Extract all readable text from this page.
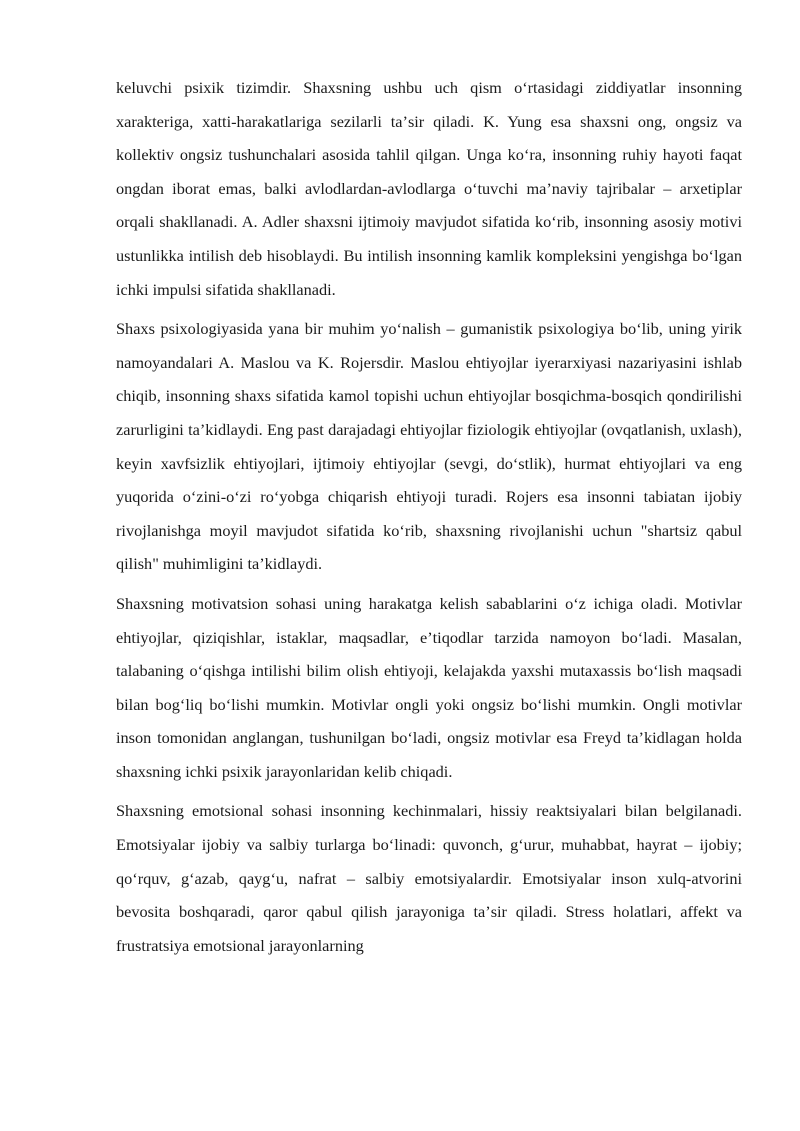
keluvchi psixik tizimdir. Shaxsning ushbu uch qism oʻrtasidagi ziddiyatlar insonning xarakteriga, xatti-harakatlariga sezilarli taʼsir qiladi. K. Yung esa shaxsni ong, ongsiz va kollektiv ongsiz tushunchalari asosida tahlil qilgan. Unga koʻra, insonning ruhiy hayoti faqat ongdan iborat emas, balki avlodlardan-avlodlarga oʻtuvchi maʼnaviy tajribalar – arxetiplar orqali shakllanadi. A. Adler shaxsni ijtimoiy mavjudot sifatida koʻrib, insonning asosiy motivi ustunlikka intilish deb hisoblaydi. Bu intilish insonning kamlik kompleksini yengishga boʻlgan ichki impulsi sifatida shakllanadi.

Shaxs psixologiyasida yana bir muhim yoʻnalish – gumanistik psixologiya boʻlib, uning yirik namoyandalari A. Maslou va K. Rojersdir. Maslou ehtiyojlar iyerarxiyasi nazariyasini ishlab chiqib, insonning shaxs sifatida kamol topishi uchun ehtiyojlar bosqichma-bosqich qondirilishi zarurligini taʼkidlaydi. Eng past darajadagi ehtiyojlar fiziologik ehtiyojlar (ovqatlanish, uxlash), keyin xavfsizlik ehtiyojlari, ijtimoiy ehtiyojlar (sevgi, doʻstlik), hurmat ehtiyojlari va eng yuqorida oʻzini-oʻzi roʻyobga chiqarish ehtiyoji turadi. Rojers esa insonni tabiatan ijobiy rivojlanishga moyil mavjudot sifatida koʻrib, shaxsning rivojlanishi uchun "shartsiz qabul qilish" muhimligini taʼkidlaydi.

Shaxsning motivatsion sohasi uning harakatga kelish sabablarini oʻz ichiga oladi. Motivlar ehtiyojlar, qiziqishlar, istaklar, maqsadlar, eʼtiqodlar tarzida namoyon boʻladi. Masalan, talabaning oʻqishga intilishi bilim olish ehtiyoji, kelajakda yaxshi mutaxassis boʻlish maqsadi bilan bogʻliq boʻlishi mumkin. Motivlar ongli yoki ongsiz boʻlishi mumkin. Ongli motivlar inson tomonidan anglangan, tushunilgan boʻladi, ongsiz motivlar esa Freyd taʼkidlagan holda shaxsning ichki psixik jarayonlaridan kelib chiqadi.

Shaxsning emotsional sohasi insonning kechinmalari, hissiy reaktsiyalari bilan belgilanadi. Emotsiyalar ijobiy va salbiy turlarga boʻlinadi: quvonch, gʻurur, muhabbat, hayrat – ijobiy; qoʻrquv, gʻazab, qaygʻu, nafrat – salbiy emotsiyalardir. Emotsiyalar inson xulq-atvorini bevosita boshqaradi, qaror qabul qilish jarayoniga taʼsir qiladi. Stress holatlari, affekt va frustratsiya emotsional jarayonlarning
